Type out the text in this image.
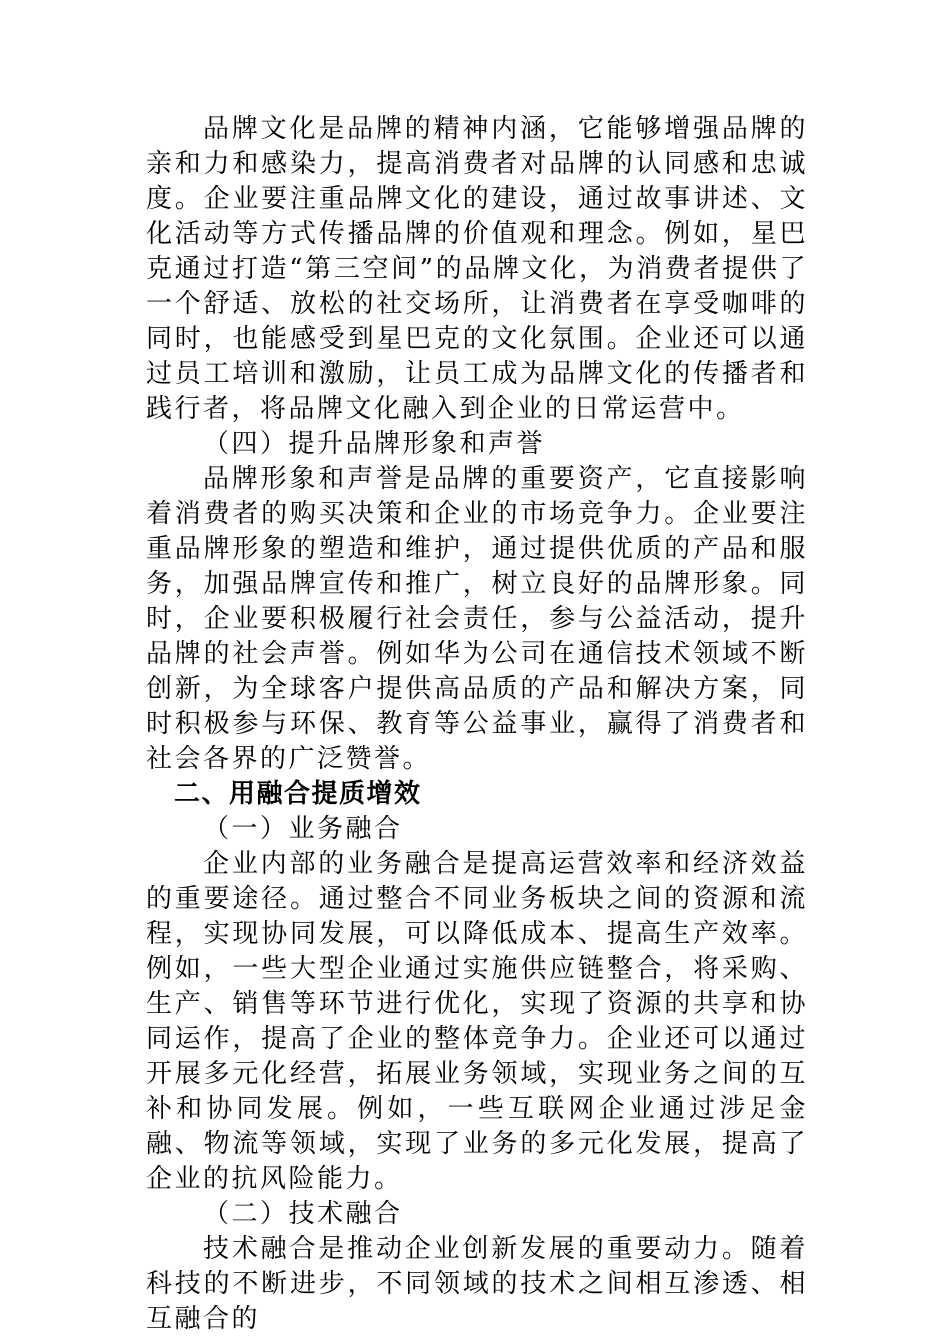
品牌文化是品牌的精神内涵，它能够增强品牌的亲和力和感染力，提高消费者对品牌的认同感和忠诚度。企业要注重品牌文化的建设，通过故事讲述、文化活动等方式传播品牌的价值观和理念。例如，星巴克通过打造“第三空间”的品牌文化，为消费者提供了一个舒适、放松的社交场所，让消费者在享受咖啡的同时，也能感受到星巴克的文化氛围。企业还可以通过员工培训和激励，让员工成为品牌文化的传播者和践行者，将品牌文化融入到企业的日常运营中。

（四）提升品牌形象和声誉

品牌形象和声誉是品牌的重要资产，它直接影响着消费者的购买决策和企业的市场竞争力。企业要注重品牌形象的塑造和维护，通过提供优质的产品和服务，加强品牌宣传和推广，树立良好的品牌形象。同时，企业要积极履行社会责任，参与公益活动，提升品牌的社会声誉。例如华为公司在通信技术领域不断创新，为全球客户提供高品质的产品和解决方案，同时积极参与环保、教育等公益事业，赢得了消费者和社会各界的广泛赞誉。

二、用融合提质增效

（一）业务融合

企业内部的业务融合是提高运营效率和经济效益的重要途径。通过整合不同业务板块之间的资源和流程，实现协同发展，可以降低成本、提高生产效率。例如，一些大型企业通过实施供应链整合，将采购、生产、销售等环节进行优化，实现了资源的共享和协同运作，提高了企业的整体竞争力。企业还可以通过开展多元化经营，拓展业务领域，实现业务之间的互补和协同发展。例如，一些互联网企业通过涉足金融、物流等领域，实现了业务的多元化发展，提高了企业的抗风险能力。

（二）技术融合

技术融合是推动企业创新发展的重要动力。随着科技的不断进步，不同领域的技术之间相互渗透、相互融合的
